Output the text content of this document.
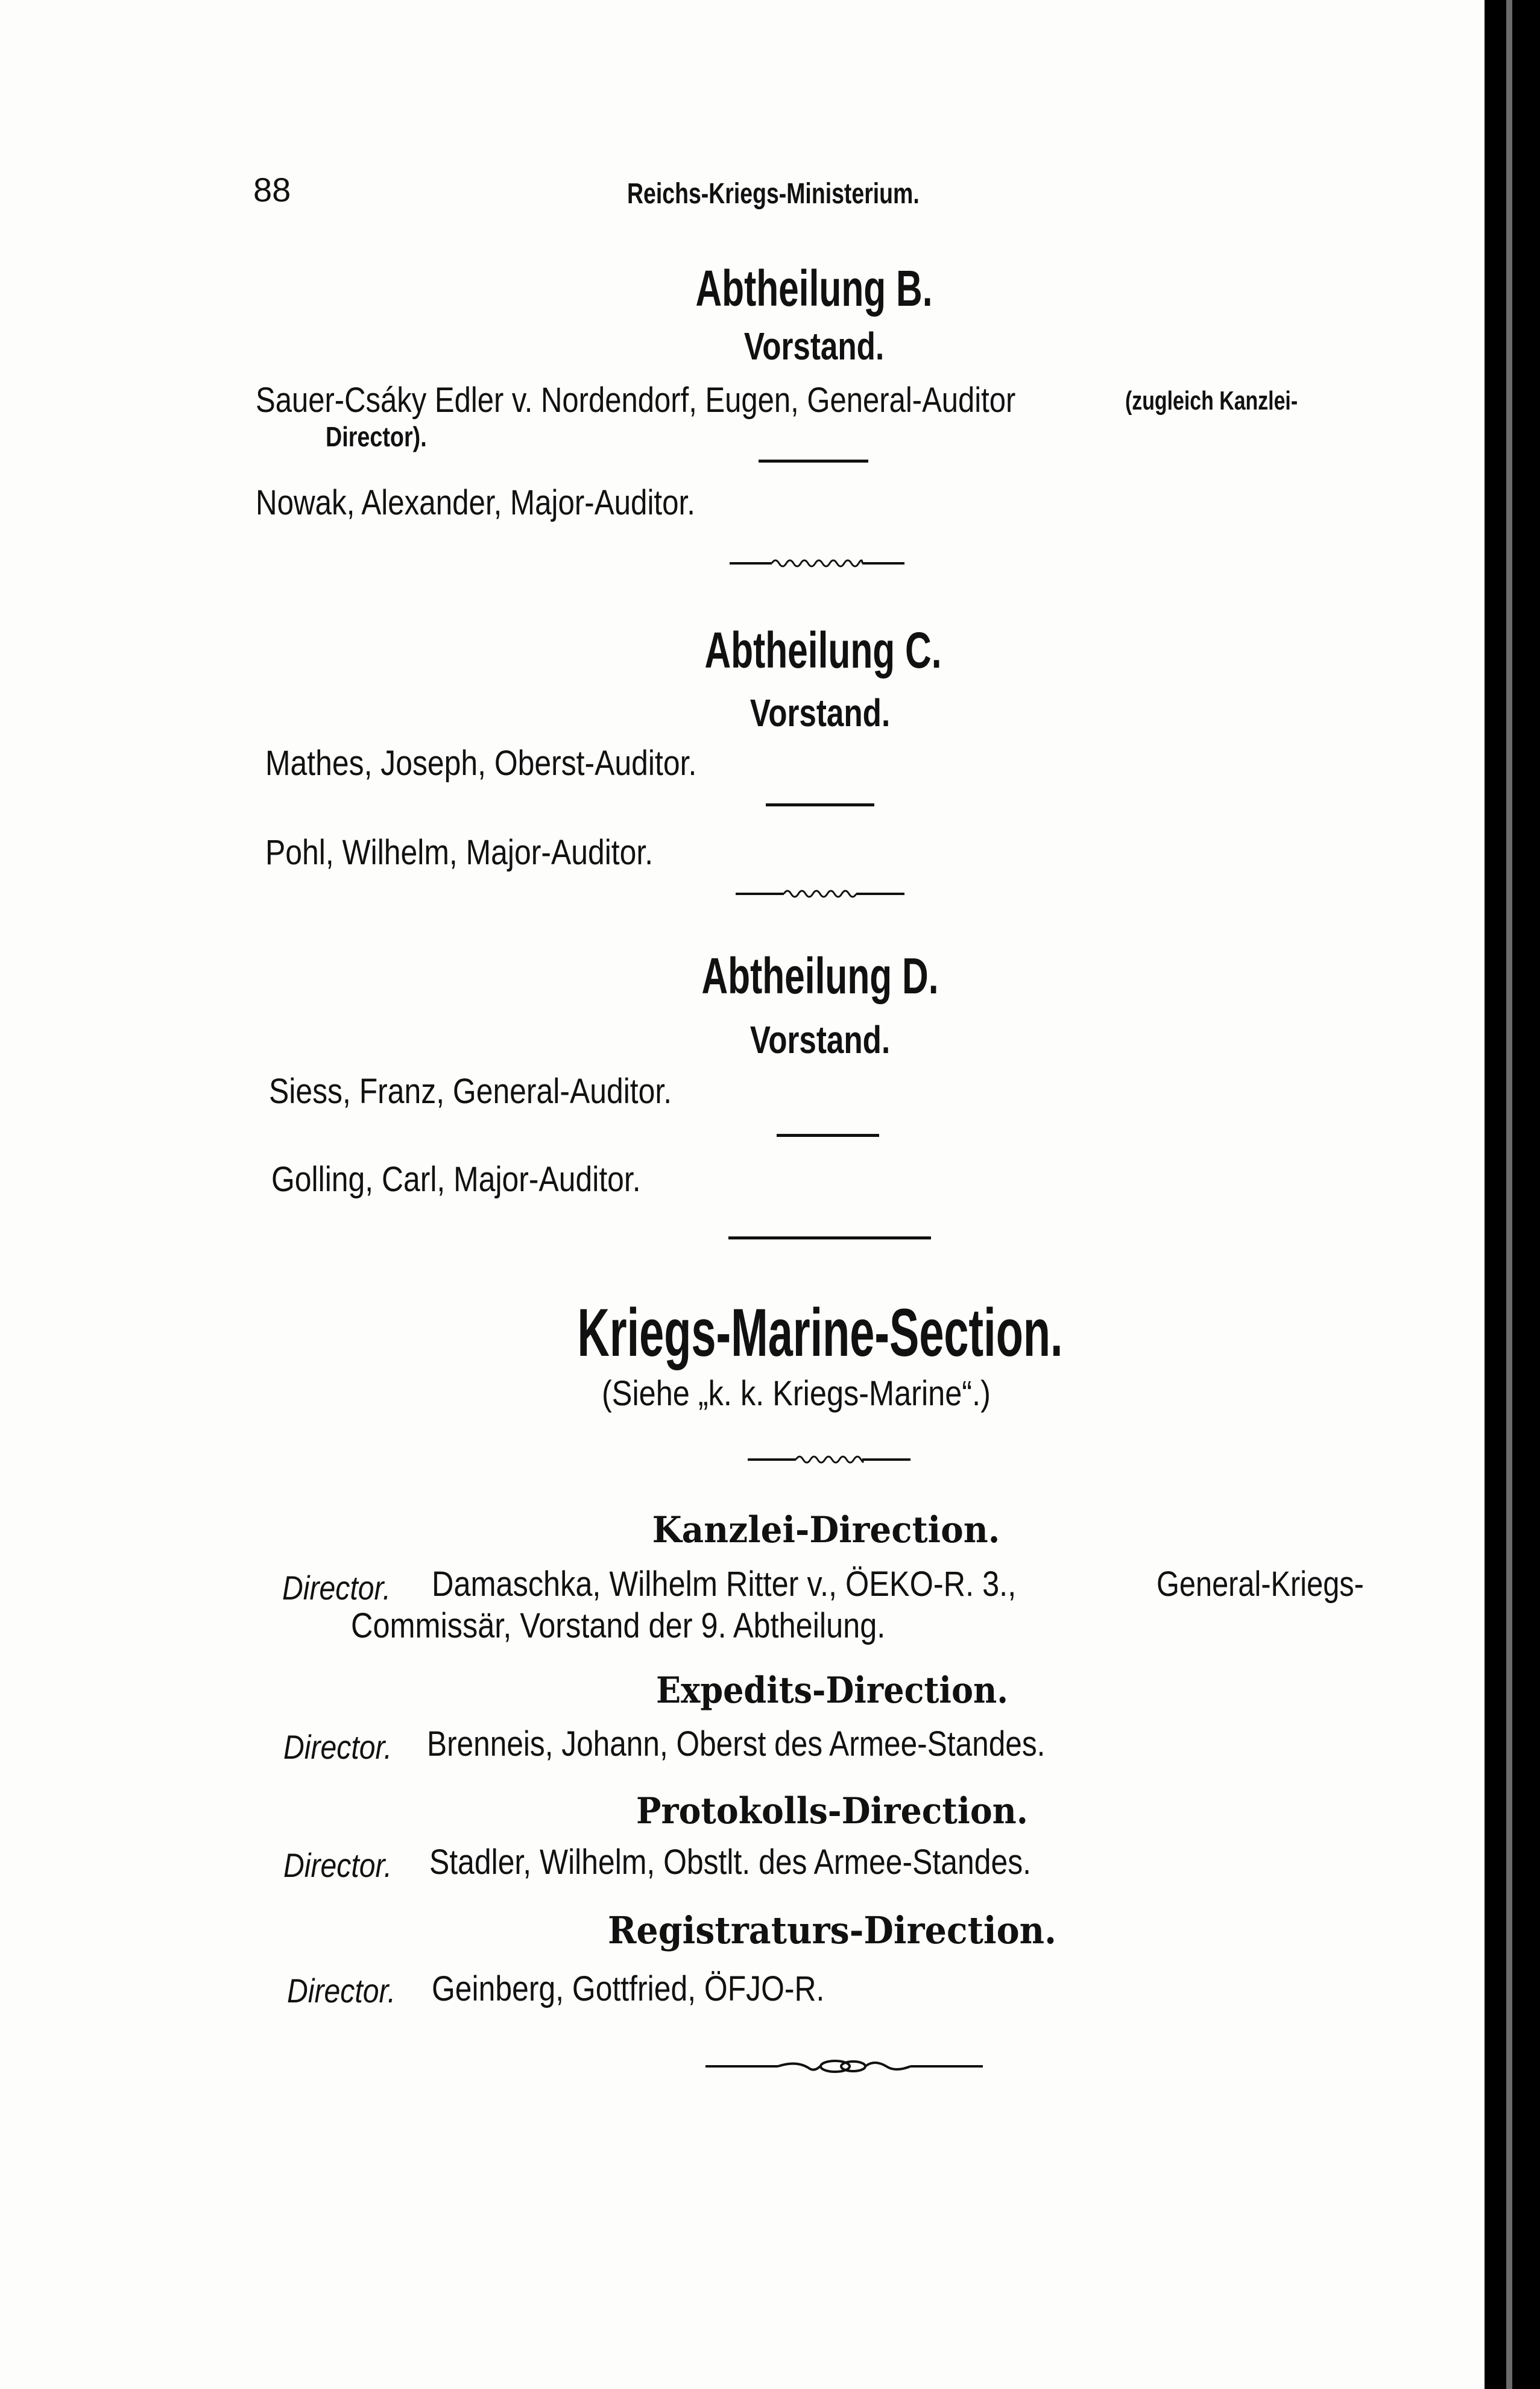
88	Reichs-Kriegs-Ministerium.
Abtheilung B.
Vorstand.
Sauer-Csáky Edler v. Nordendorf, Eugen, General-Auditor	(zugleich Kanzlei-
Director).
Nowak, Alexander, Major-Auditor.
Abtheilung C.
Vorstand.
Mathes, Joseph, Oberst-Auditor.
Pohl, Wilhelm, Major-Auditor.
Abtheilung D.
Vorstand.
Siess, Franz, General-Auditor.
Golling, Carl, Major-Auditor.
Kriegs-Marine-Section.
(Siehe „k. k. Kriegs-Marine“.)
Kanzlei-Direction.
Director. Damaschka, Wilhelm Ritter v., ÖEKO-R. 3.,	General-Kriegs-
Commissär, Vorstand der 9. Abtheilung.
Expedits-Direction.
Director. Brenneis, Johann, Oberst des Armee-Standes.
Protokolls-Direction.
Director. Stadler, Wilhelm, Obstlt. des Armee-Standes.
Registraturs-Direction.
Director. Geinberg, Gottfried, ÖFJO-R.
